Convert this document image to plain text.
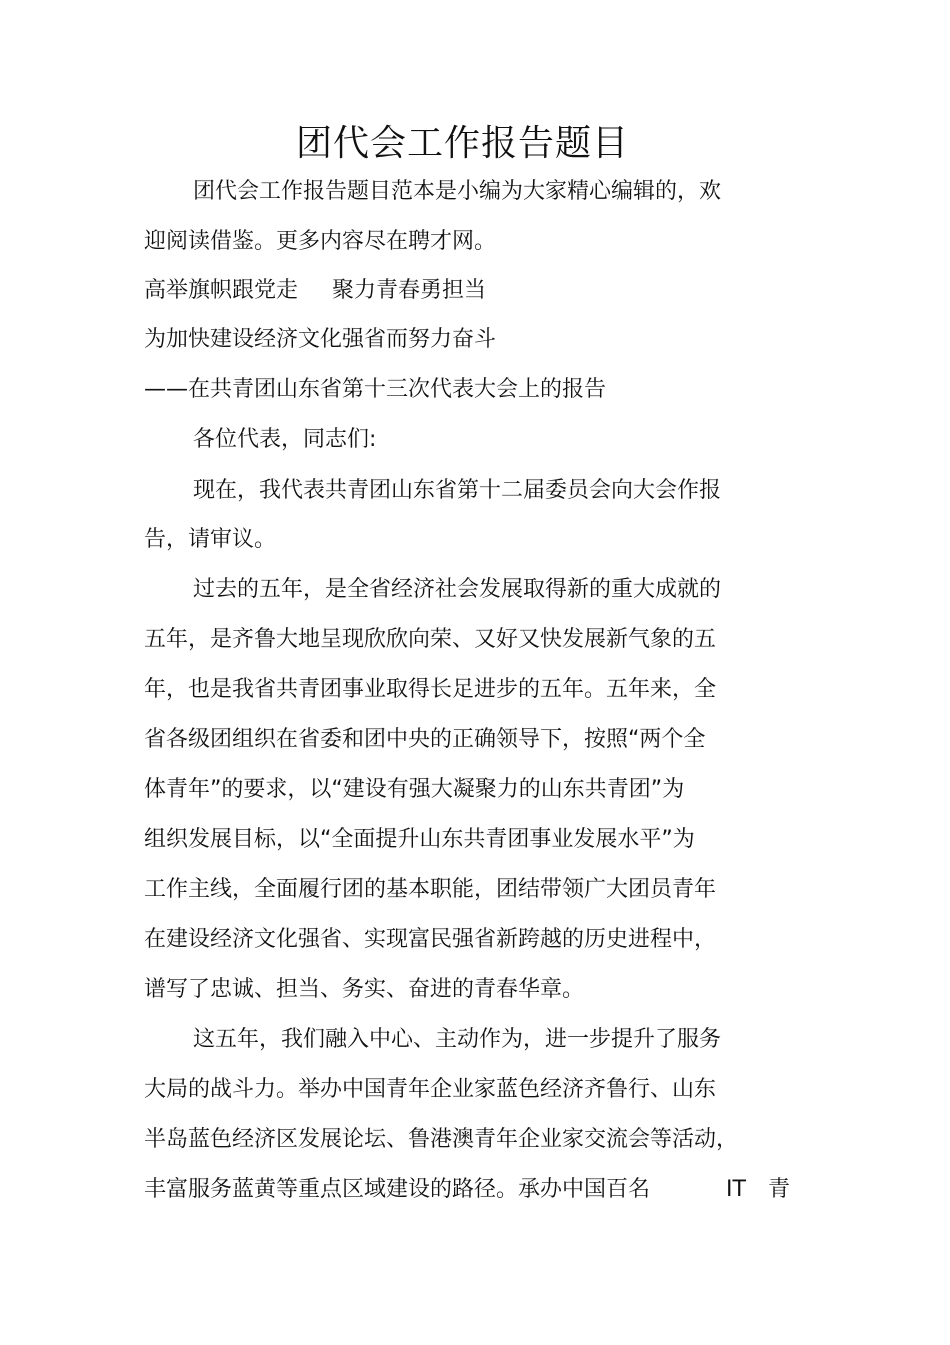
团代会工作报告题目
团代会工作报告题目范本是小编为大家精心编辑的，欢
迎阅读借鉴。更多内容尽在聘才网。
高举旗帜跟党走 聚力青春勇担当
为加快建设经济文化强省而努力奋斗
——在共青团山东省第十三次代表大会上的报告
各位代表，同志们:
现在，我代表共青团山东省第十二届委员会向大会作报
告，请审议。
过去的五年，是全省经济社会发展取得新的重大成就的
五年，是齐鲁大地呈现欣欣向荣、又好又快发展新气象的五
年，也是我省共青团事业取得长足进步的五年。五年来，全
省各级团组织在省委和团中央的正确领导下，按照“两个全
体青年”的要求，以“建设有强大凝聚力的山东共青团”为
组织发展目标，以“全面提升山东共青团事业发展水平”为
工作主线，全面履行团的基本职能，团结带领广大团员青年
在建设经济文化强省、实现富民强省新跨越的历史进程中，
谱写了忠诚、担当、务实、奋进的青春华章。
这五年，我们融入中心、主动作为，进一步提升了服务
大局的战斗力。举办中国青年企业家蓝色经济齐鲁行、山东
半岛蓝色经济区发展论坛、鲁港澳青年企业家交流会等活动，
丰富服务蓝黄等重点区域建设的路径。承办中国百名	IT 青
